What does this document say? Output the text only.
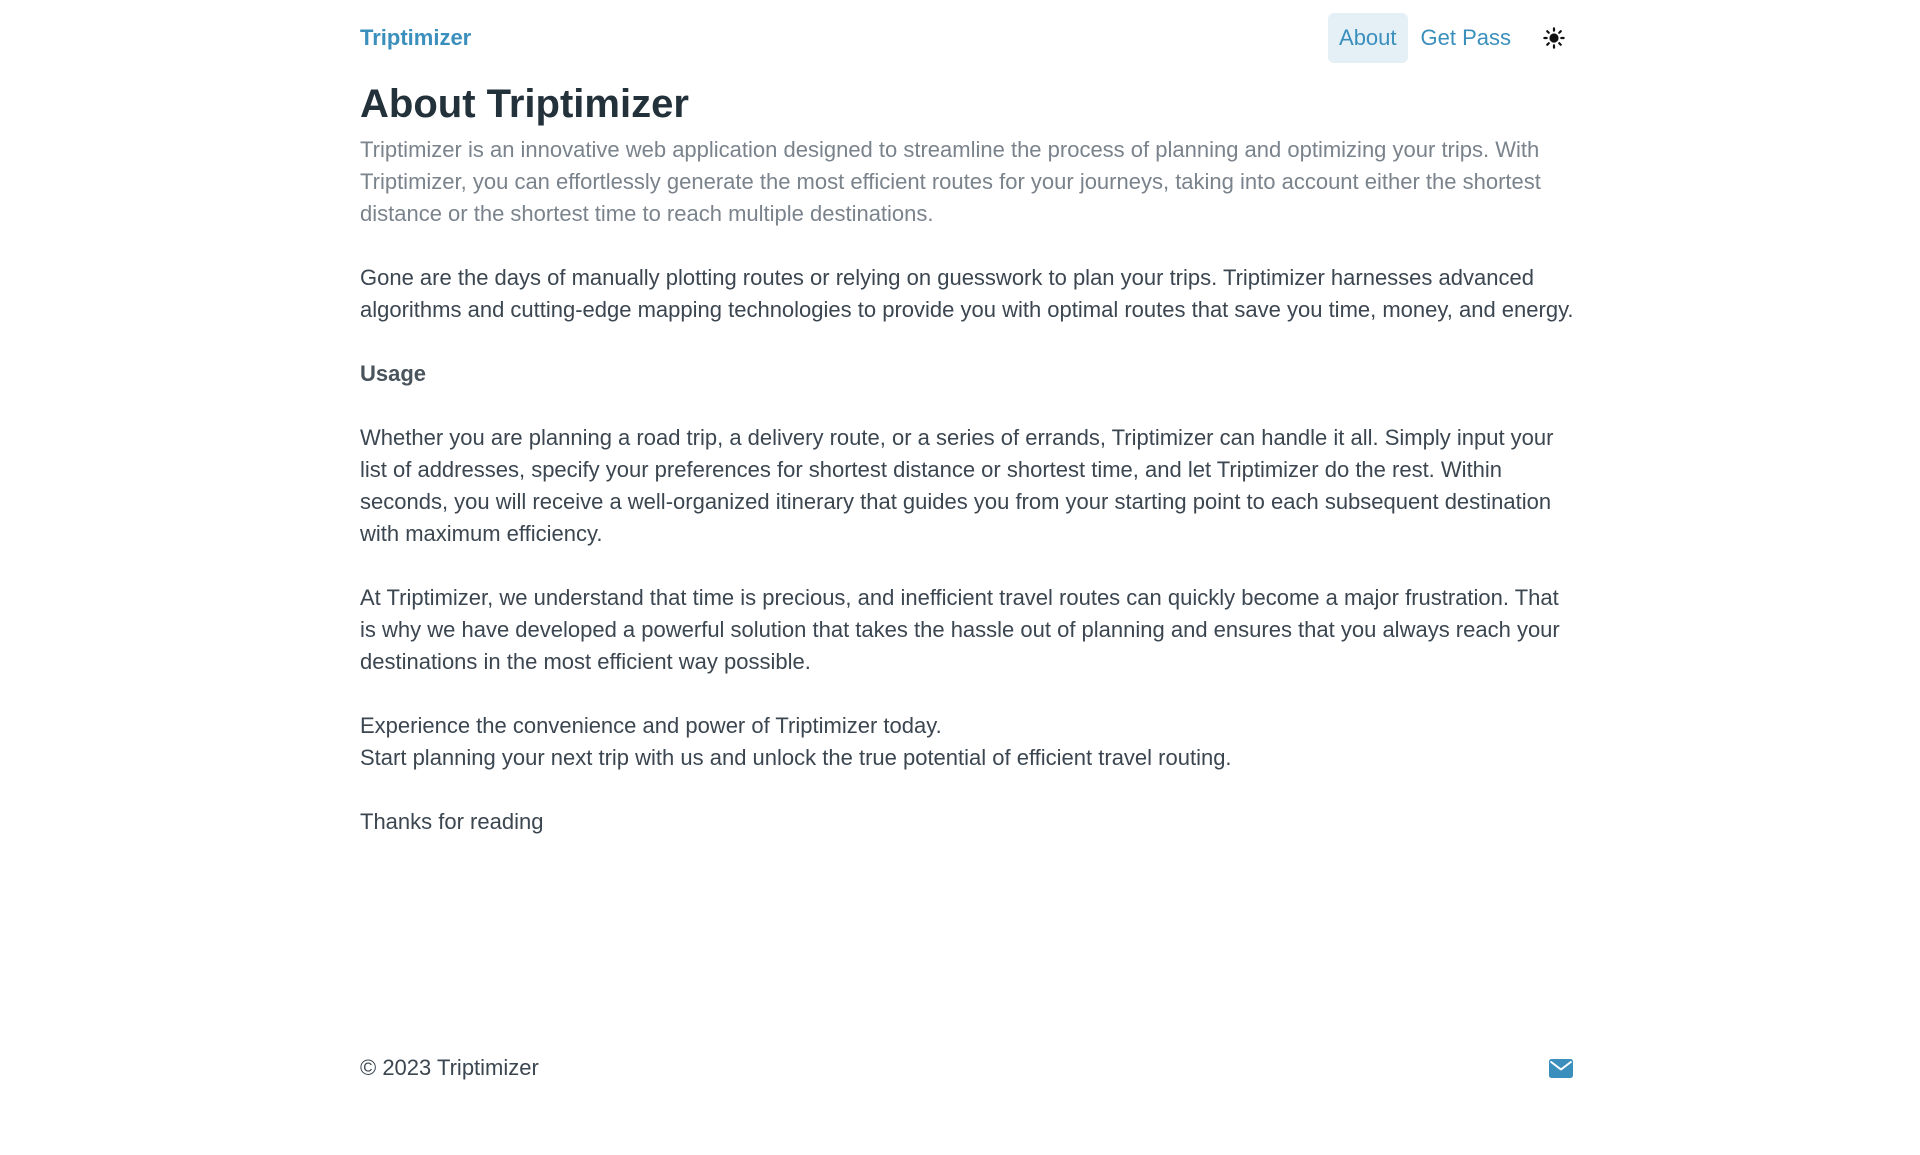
Triptimizer	About	Get Pass
About Triptimizer

Triptimizer is an innovative web application designed to streamline the process of planning and optimizing your trips. With Triptimizer, you can effortlessly generate the most efficient routes for your journeys, taking into account either the shortest distance or the shortest time to reach multiple destinations.

Gone are the days of manually plotting routes or relying on guesswork to plan your trips. Triptimizer harnesses advanced algorithms and cutting-edge mapping technologies to provide you with optimal routes that save you time, money, and energy.

Usage

Whether you are planning a road trip, a delivery route, or a series of errands, Triptimizer can handle it all. Simply input your list of addresses, specify your preferences for shortest distance or shortest time, and let Triptimizer do the rest. Within seconds, you will receive a well-organized itinerary that guides you from your starting point to each subsequent destination with maximum efficiency.

At Triptimizer, we understand that time is precious, and inefficient travel routes can quickly become a major frustration. That is why we have developed a powerful solution that takes the hassle out of planning and ensures that you always reach your destinations in the most efficient way possible.

Experience the convenience and power of Triptimizer today.
Start planning your next trip with us and unlock the true potential of efficient travel routing.

Thanks for reading

© 2023 Triptimizer
